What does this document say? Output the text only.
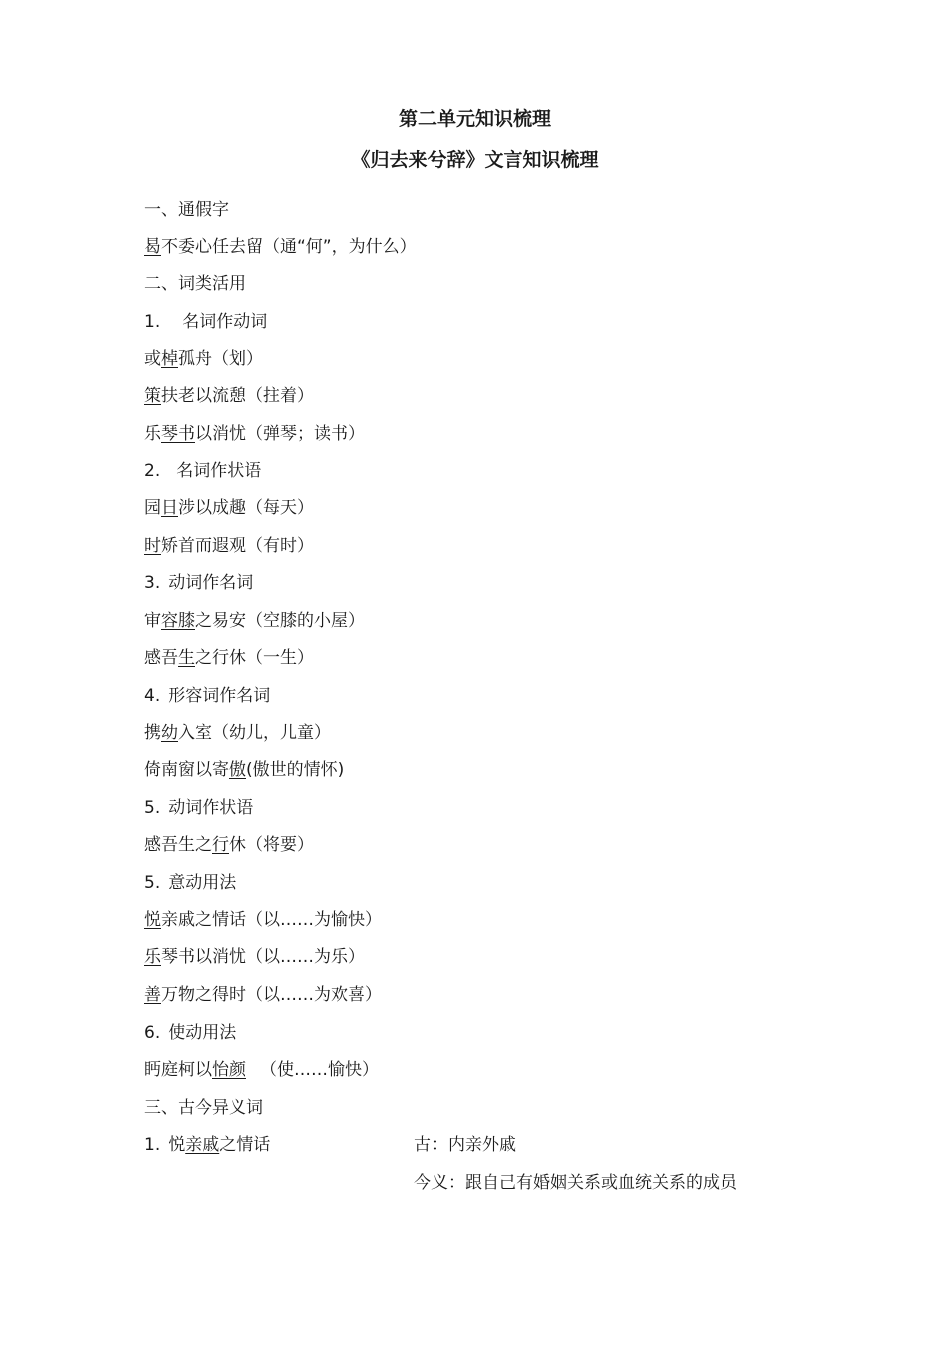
第二单元知识梳理
《归去来兮辞》文言知识梳理
一、通假字
曷不委心任去留（通“何”，为什么）
二、词类活用
1. 名词作动词
或棹孤舟（划）
策扶老以流憩（拄着）
乐琴书以消忧（弹琴；读书）
2. 名词作状语
园日涉以成趣（每天）
时矫首而遐观（有时）
3. 动词作名词
审容膝之易安（空膝的小屋）
感吾生之行休（一生）
4. 形容词作名词
携幼入室（幼儿，儿童）
倚南窗以寄傲(傲世的情怀)
5. 动词作状语
感吾生之行休（将要）
5. 意动用法
悦亲戚之情话（以……为愉快）
乐琴书以消忧（以……为乐）
善万物之得时（以……为欢喜）
6. 使动用法
眄庭柯以怡颜 （使……愉快）
三、古今异义词
1. 悦亲戚之情话	古：内亲外戚
今义：跟自己有婚姻关系或血统关系的成员
